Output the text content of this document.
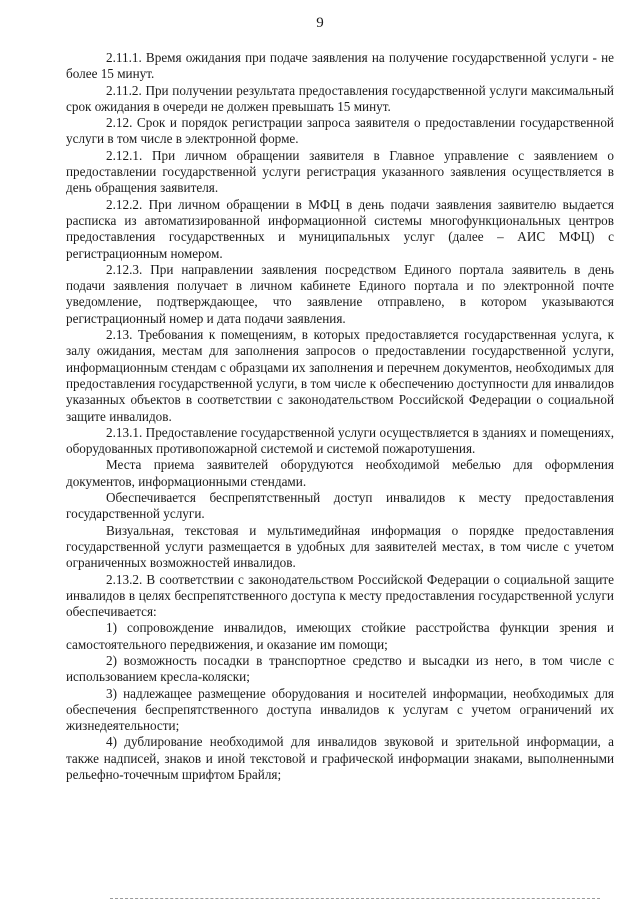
9

2.11.1. Время ожидания при подаче заявления на получение государственной услуги - не более 15 минут.

2.11.2. При получении результата предоставления государственной услуги максимальный срок ожидания в очереди не должен превышать 15 минут.

2.12. Срок и порядок регистрации запроса заявителя о предоставлении государственной услуги в том числе в электронной форме.

2.12.1. При личном обращении заявителя в Главное управление с заявлением о предоставлении государственной услуги регистрация указанного заявления осуществляется в день обращения заявителя.

2.12.2. При личном обращении в МФЦ в день подачи заявления заявителю выдается расписка из автоматизированной информационной системы многофункциональных центров предоставления государственных и муниципальных услуг (далее – АИС МФЦ) с регистрационным номером.

2.12.3. При направлении заявления посредством Единого портала заявитель в день подачи заявления получает в личном кабинете Единого портала и по электронной почте уведомление, подтверждающее, что заявление отправлено, в котором указываются регистрационный номер и дата подачи заявления.

2.13. Требования к помещениям, в которых предоставляется государственная услуга, к залу ожидания, местам для заполнения запросов о предоставлении государственной услуги, информационным стендам с образцами их заполнения и перечнем документов, необходимых для предоставления государственной услуги, в том числе к обеспечению доступности для инвалидов указанных объектов в соответствии с законодательством Российской Федерации о социальной защите инвалидов.

2.13.1. Предоставление государственной услуги осуществляется в зданиях и помещениях, оборудованных противопожарной системой и системой пожаротушения.

Места приема заявителей оборудуются необходимой мебелью для оформления документов, информационными стендами.

Обеспечивается беспрепятственный доступ инвалидов к месту предоставления государственной услуги.

Визуальная, текстовая и мультимедийная информация о порядке предоставления государственной услуги размещается в удобных для заявителей местах, в том числе с учетом ограниченных возможностей инвалидов.

2.13.2. В соответствии с законодательством Российской Федерации о социальной защите инвалидов в целях беспрепятственного доступа к месту предоставления государственной услуги обеспечивается:

1) сопровождение инвалидов, имеющих стойкие расстройства функции зрения и самостоятельного передвижения, и оказание им помощи;

2) возможность посадки в транспортное средство и высадки из него, в том числе с использованием кресла-коляски;

3) надлежащее размещение оборудования и носителей информации, необходимых для обеспечения беспрепятственного доступа инвалидов к услугам с учетом ограничений их жизнедеятельности;

4) дублирование необходимой для инвалидов звуковой и зрительной информации, а также надписей, знаков и иной текстовой и графической информации знаками, выполненными рельефно-точечным шрифтом Брайля;
